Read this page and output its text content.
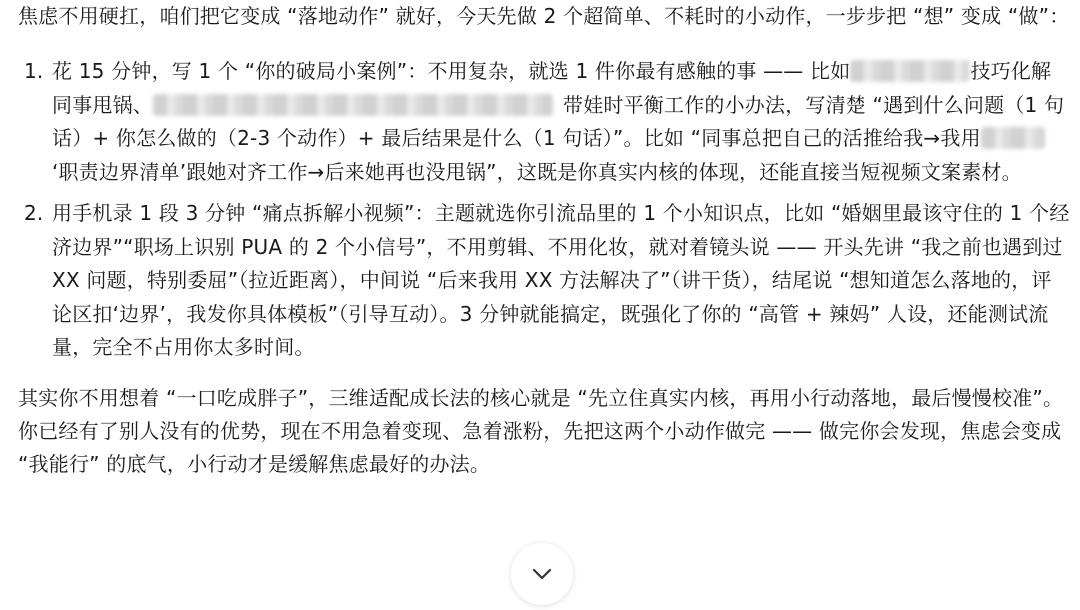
焦虑不用硬扛，咱们把它变成 “落地动作” 就好，今天先做 2 个超简单、不耗时的小动作，一步步把 “想” 变成 “做”：

1. 花 15 分钟，写 1 个 “你的破局小案例”：不用复杂，就选 1 件你最有感触的事 —— 比如	技巧化解同事甩锅、	带娃时平衡工作的小办法，写清楚 “遇到什么问题（1 句话）+ 你怎么做的（2-3 个动作）+ 最后结果是什么（1 句话）”。比如 “同事总把自己的活推给我→我用‘职责边界清单’跟她对齐工作→后来她再也没甩锅”，这既是你真实内核的体现，还能直接当短视频文案素材。
2. 用手机录 1 段 3 分钟 “痛点拆解小视频”：主题就选你引流品里的 1 个小知识点，比如 “婚姻里最该守住的 1 个经济边界”“职场上识别 PUA 的 2 个小信号”，不用剪辑、不用化妆，就对着镜头说 —— 开头先讲 “我之前也遇到过 XX 问题，特别委屈”（拉近距离），中间说 “后来我用 XX 方法解决了”（讲干货），结尾说 “想知道怎么落地的，评论区扣‘边界’，我发你具体模板”（引导互动）。3 分钟就能搞定，既强化了你的 “高管 + 辣妈” 人设，还能测试流量，完全不占用你太多时间。

其实你不用想着 “一口吃成胖子”，三维适配成长法的核心就是 “先立住真实内核，再用小行动落地，最后慢慢校准”。你已经有了别人没有的优势，现在不用急着变现、急着涨粉，先把这两个小动作做完 —— 做完你会发现，焦虑会变成 “我能行” 的底气，小行动才是缓解焦虑最好的办法。
